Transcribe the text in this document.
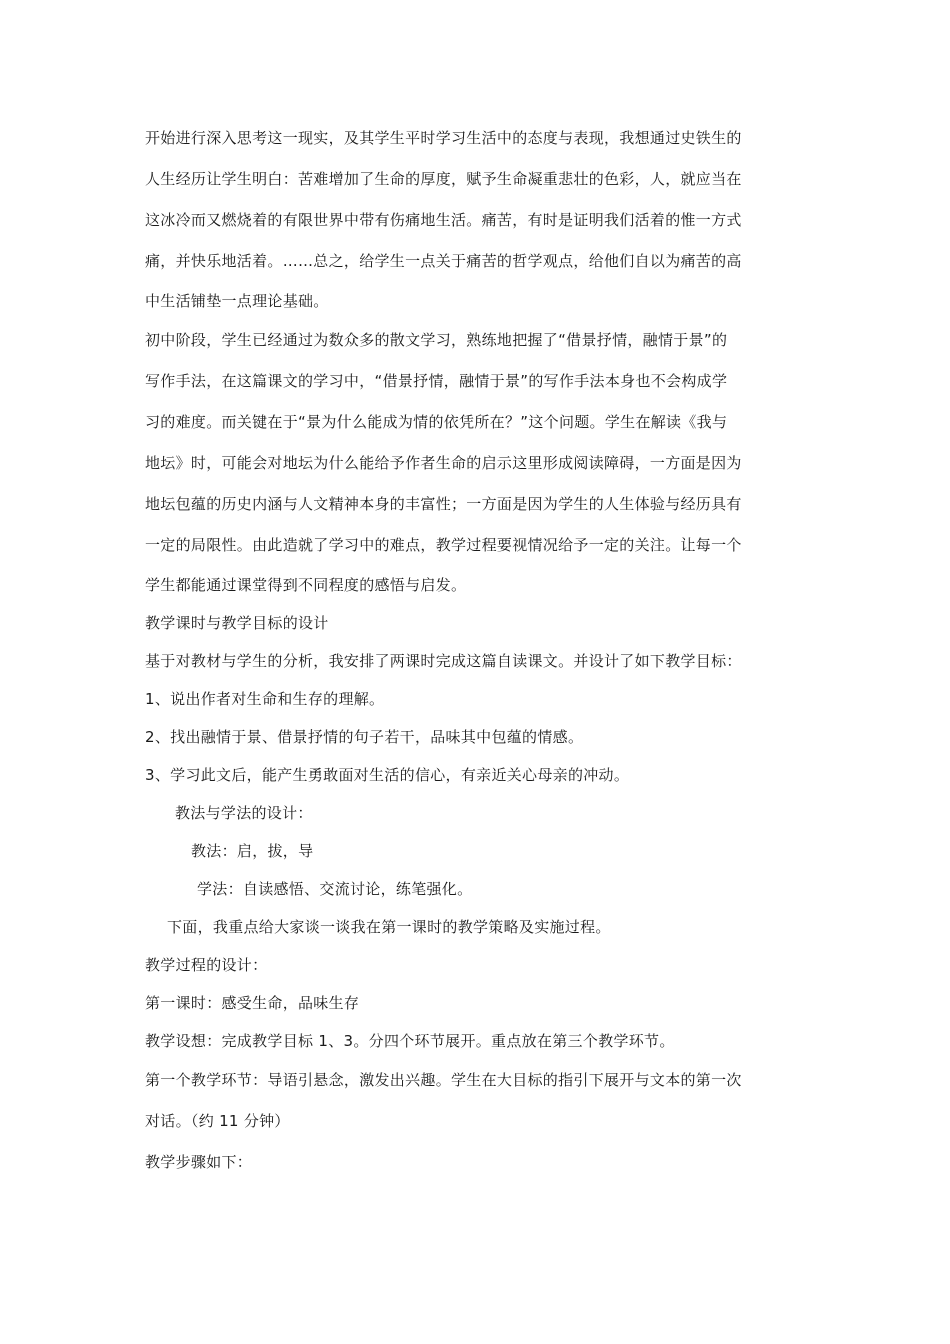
开始进行深入思考这一现实，及其学生平时学习生活中的态度与表现，我想通过史铁生的
人生经历让学生明白：苦难增加了生命的厚度，赋予生命凝重悲壮的色彩，人，就应当在
这冰冷而又燃烧着的有限世界中带有伤痛地生活。痛苦，有时是证明我们活着的惟一方式
痛，并快乐地活着。……总之，给学生一点关于痛苦的哲学观点，给他们自以为痛苦的高
中生活铺垫一点理论基础。
初中阶段，学生已经通过为数众多的散文学习，熟练地把握了“借景抒情，融情于景”的
写作手法，在这篇课文的学习中，“借景抒情，融情于景”的写作手法本身也不会构成学
习的难度。而关键在于“景为什么能成为情的依凭所在？”这个问题。学生在解读《我与
地坛》时，可能会对地坛为什么能给予作者生命的启示这里形成阅读障碍，一方面是因为
地坛包蕴的历史内涵与人文精神本身的丰富性；一方面是因为学生的人生体验与经历具有
一定的局限性。由此造就了学习中的难点，教学过程要视情况给予一定的关注。让每一个
学生都能通过课堂得到不同程度的感悟与启发。
教学课时与教学目标的设计
基于对教材与学生的分析，我安排了两课时完成这篇自读课文。并设计了如下教学目标：
1、说出作者对生命和生存的理解。
2、找出融情于景、借景抒情的句子若干，品味其中包蕴的情感。
3、学习此文后，能产生勇敢面对生活的信心，有亲近关心母亲的冲动。
教法与学法的设计：
教法：启，拔，导
学法：自读感悟、交流讨论，练笔强化。
下面，我重点给大家谈一谈我在第一课时的教学策略及实施过程。
教学过程的设计：
第一课时：感受生命，品味生存
教学设想：完成教学目标 1、3。分四个环节展开。重点放在第三个教学环节。
第一个教学环节：导语引悬念，激发出兴趣。学生在大目标的指引下展开与文本的第一次
对话。（约 11 分钟）
教学步骤如下：
